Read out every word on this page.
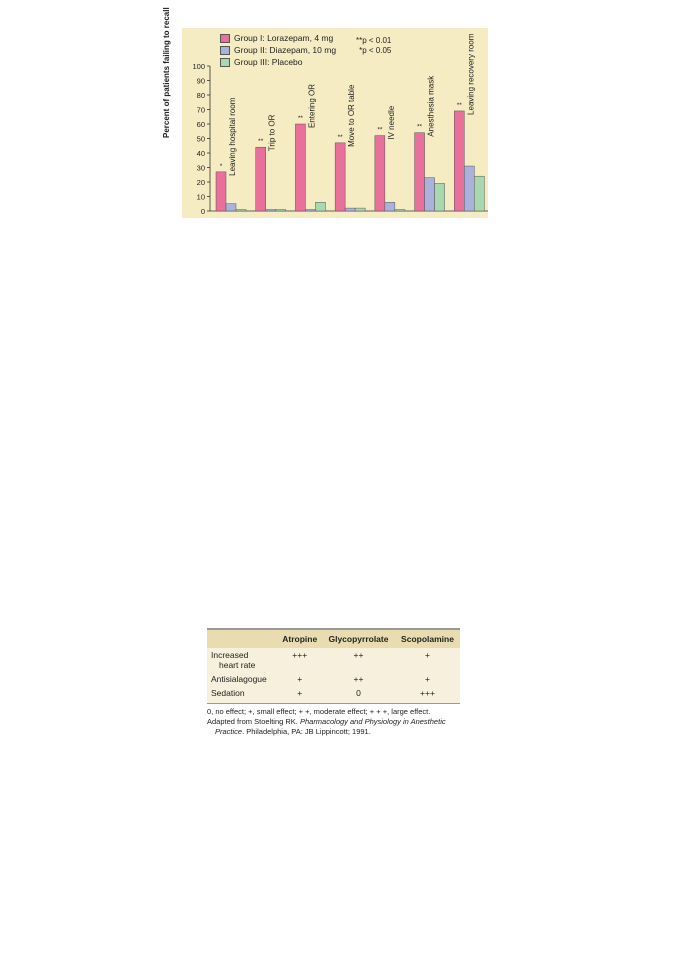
0
10
20
30
40
50
60
70
80
90
100
* Leaving hospital room	** Trip to OR	** Entering OR
** Move to OR table	** IV needle	** Anesthesia mask	** Leaving recovery room
Group I: Lorazepam, 4 mg
Group II: Diazepam, 10 mg
Group III: Placebo
**p < 0.01
*p < 0.05
Percent of patients failing to recall
	Atropine	Glycopyrrolate	Scopolamine
Increased
heart rate	+++	++	+
Antisialagogue	+	++	+
Sedation	+	0	+++
0, no effect; +, small effect; + +, moderate effect; + + +, large effect.
Adapted from Stoelting RK. Pharmacology and Physiology in Anesthetic
Practice. Philadelphia, PA: JB Lippincott; 1991.
